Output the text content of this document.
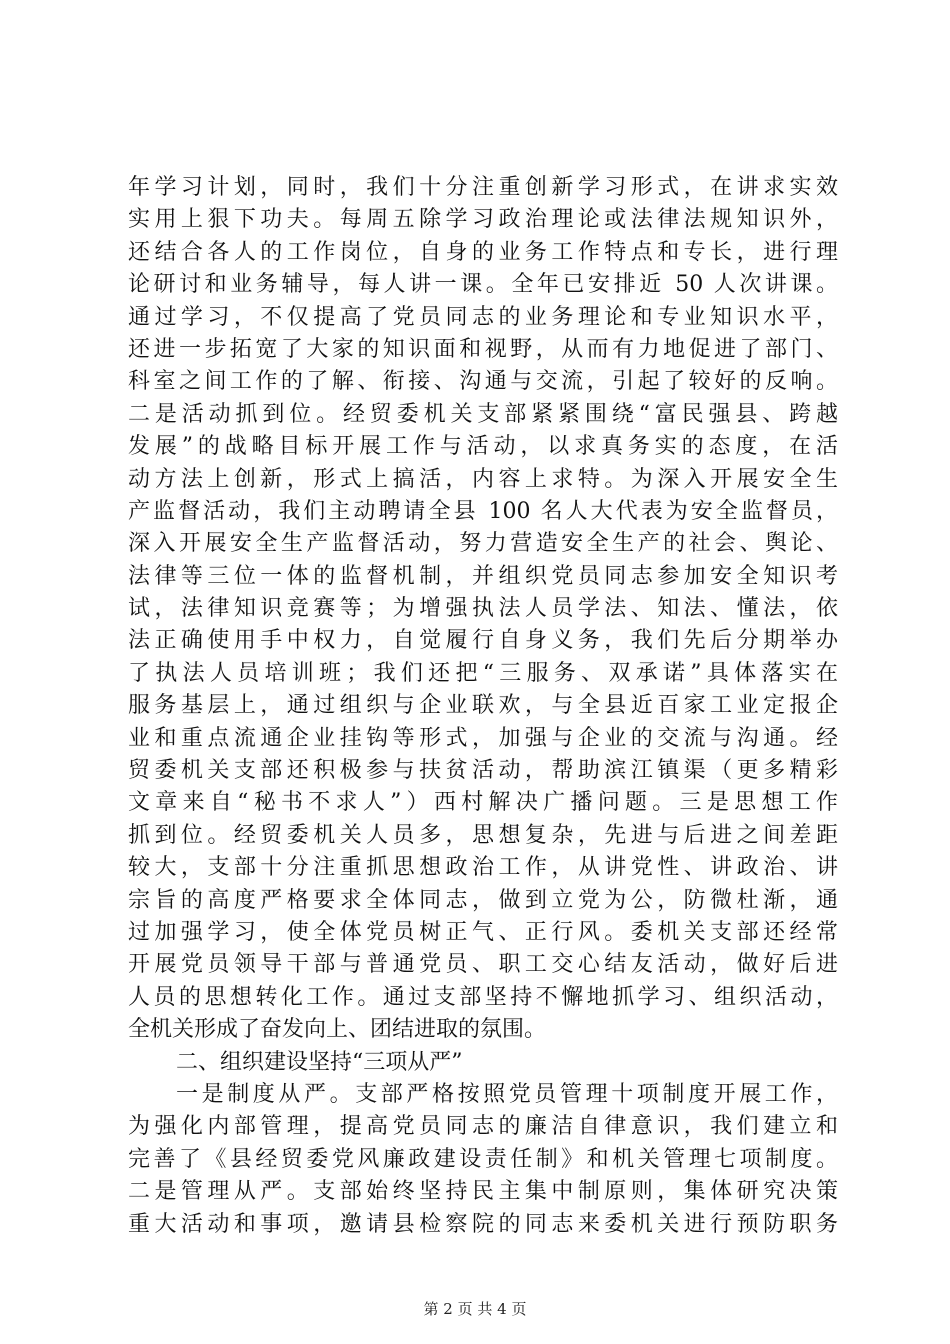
年学习计划，同时，我们十分注重创新学习形式，在讲求实效
实用上狠下功夫。每周五除学习政治理论或法律法规知识外，
还结合各人的工作岗位，自身的业务工作特点和专长，进行理
论研讨和业务辅导，每人讲一课。全年已安排近 50 人次讲课。
通过学习，不仅提高了党员同志的业务理论和专业知识水平，
还进一步拓宽了大家的知识面和视野，从而有力地促进了部门、
科室之间工作的了解、衔接、沟通与交流，引起了较好的反响。
二是活动抓到位。经贸委机关支部紧紧围绕“富民强县、跨越
发展”的战略目标开展工作与活动，以求真务实的态度，在活
动方法上创新，形式上搞活，内容上求特。为深入开展安全生
产监督活动，我们主动聘请全县 100 名人大代表为安全监督员，
深入开展安全生产监督活动，努力营造安全生产的社会、舆论、
法律等三位一体的监督机制，并组织党员同志参加安全知识考
试，法律知识竞赛等；为增强执法人员学法、知法、懂法，依
法正确使用手中权力，自觉履行自身义务，我们先后分期举办
了执法人员培训班；我们还把“三服务、双承诺”具体落实在
服务基层上，通过组织与企业联欢，与全县近百家工业定报企
业和重点流通企业挂钩等形式，加强与企业的交流与沟通。经
贸委机关支部还积极参与扶贫活动，帮助滨江镇渠（更多精彩
文章来自“秘书不求人”）西村解决广播问题。三是思想工作
抓到位。经贸委机关人员多，思想复杂，先进与后进之间差距
较大，支部十分注重抓思想政治工作，从讲党性、讲政治、讲
宗旨的高度严格要求全体同志，做到立党为公，防微杜渐，通
过加强学习，使全体党员树正气、正行风。委机关支部还经常
开展党员领导干部与普通党员、职工交心结友活动，做好后进
人员的思想转化工作。通过支部坚持不懈地抓学习、组织活动，
全机关形成了奋发向上、团结进取的氛围。
二、组织建设坚持“三项从严”
一是制度从严。支部严格按照党员管理十项制度开展工作，
为强化内部管理，提高党员同志的廉洁自律意识，我们建立和
完善了《县经贸委党风廉政建设责任制》和机关管理七项制度。
二是管理从严。支部始终坚持民主集中制原则，集体研究决策
重大活动和事项，邀请县检察院的同志来委机关进行预防职务
第 2 页 共 4 页
